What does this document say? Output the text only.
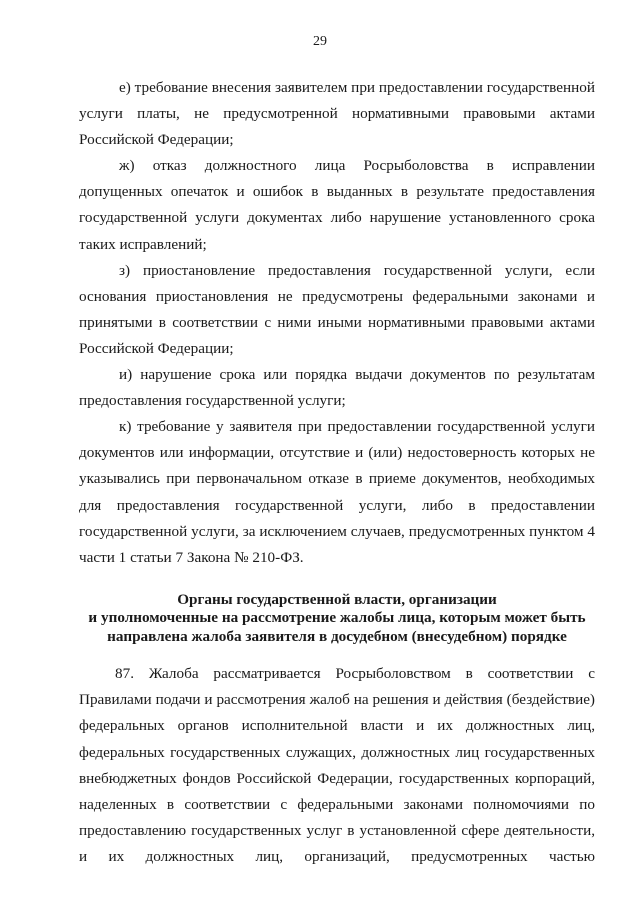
29

е) требование внесения заявителем при предоставлении государственной услуги платы, не предусмотренной нормативными правовыми актами Российской Федерации;

ж) отказ должностного лица Росрыболовства в исправлении допущенных опечаток и ошибок в выданных в результате предоставления государственной услуги документах либо нарушение установленного срока таких исправлений;

з) приостановление предоставления государственной услуги, если основания приостановления не предусмотрены федеральными законами и принятыми в соответствии с ними иными нормативными правовыми актами Российской Федерации;

и) нарушение срока или порядка выдачи документов по результатам предоставления государственной услуги;

к) требование у заявителя при предоставлении государственной услуги документов или информации, отсутствие и (или) недостоверность которых не указывались при первоначальном отказе в приеме документов, необходимых для предоставления государственной услуги, либо в предоставлении государственной услуги, за исключением случаев, предусмотренных пунктом 4 части 1 статьи 7 Закона № 210-ФЗ.

Органы государственной власти, организации
и уполномоченные на рассмотрение жалобы лица, которым может быть
направлена жалоба заявителя в досудебном (внесудебном) порядке

87. Жалоба рассматривается Росрыболовством в соответствии с Правилами подачи и рассмотрения жалоб на решения и действия (бездействие) федеральных органов исполнительной власти и их должностных лиц, федеральных государственных служащих, должностных лиц государственных внебюджетных фондов Российской Федерации, государственных корпораций, наделенных в соответствии с федеральными законами полномочиями по предоставлению государственных услуг в установленной сфере деятельности, и их должностных лиц, организаций, предусмотренных частью
